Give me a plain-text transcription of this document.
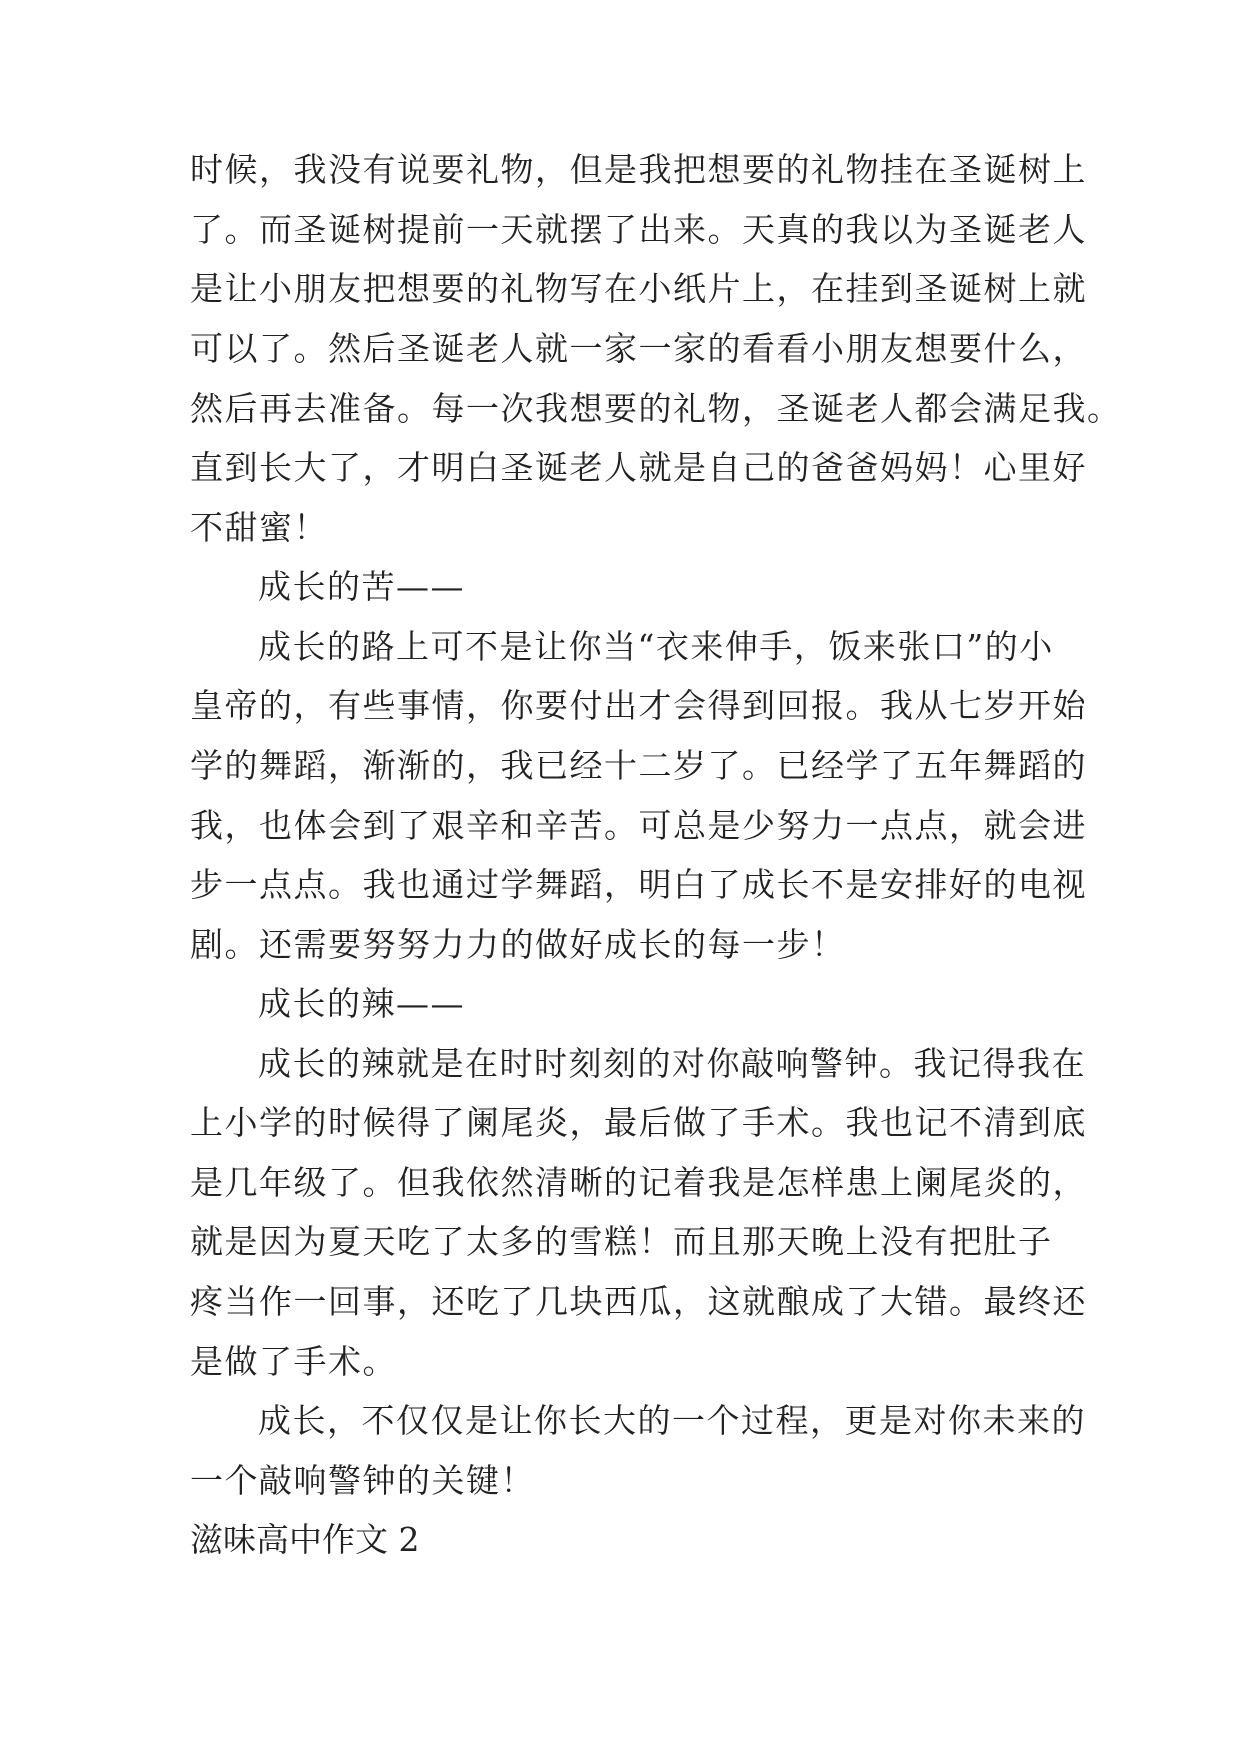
时候，我没有说要礼物，但是我把想要的礼物挂在圣诞树上
了。而圣诞树提前一天就摆了出来。天真的我以为圣诞老人
是让小朋友把想要的礼物写在小纸片上，在挂到圣诞树上就
可以了。然后圣诞老人就一家一家的看看小朋友想要什么，
然后再去准备。每一次我想要的礼物，圣诞老人都会满足我。
直到长大了，才明白圣诞老人就是自己的爸爸妈妈！心里好
不甜蜜！
成长的苦——
成长的路上可不是让你当“衣来伸手，饭来张口”的小
皇帝的，有些事情，你要付出才会得到回报。我从七岁开始
学的舞蹈，渐渐的，我已经十二岁了。已经学了五年舞蹈的
我，也体会到了艰辛和辛苦。可总是少努力一点点，就会进
步一点点。我也通过学舞蹈，明白了成长不是安排好的电视
剧。还需要努努力力的做好成长的每一步！
成长的辣——
成长的辣就是在时时刻刻的对你敲响警钟。我记得我在
上小学的时候得了阑尾炎，最后做了手术。我也记不清到底
是几年级了。但我依然清晰的记着我是怎样患上阑尾炎的，
就是因为夏天吃了太多的雪糕！而且那天晚上没有把肚子
疼当作一回事，还吃了几块西瓜，这就酿成了大错。最终还
是做了手术。
成长，不仅仅是让你长大的一个过程，更是对你未来的
一个敲响警钟的关键！
滋味高中作文 2
